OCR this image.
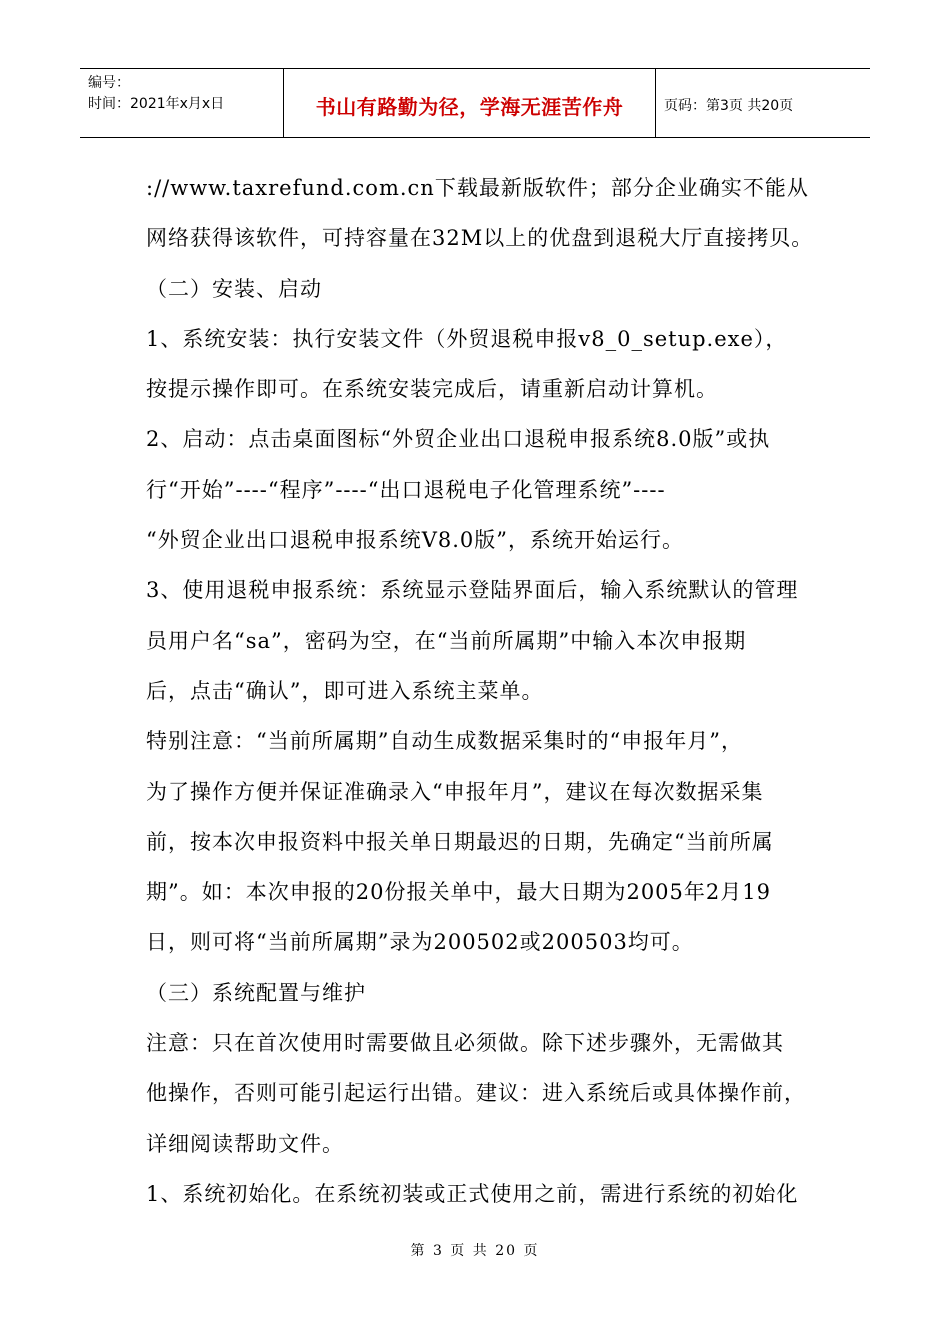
编号：
时间：2021年x月x日	书山有路勤为径，学海无涯苦作舟	页码：第3页 共20页
://www.taxrefund.com.cn下载最新版软件；部分企业确实不能从
网络获得该软件，可持容量在32M以上的优盘到退税大厅直接拷贝。
（二）安装、启动
1、系统安装：执行安装文件（外贸退税申报v8_0_setup.exe），
按提示操作即可。在系统安装完成后，请重新启动计算机。
2、启动：点击桌面图标“外贸企业出口退税申报系统8.0版”或执
行“开始”----“程序”----“出口退税电子化管理系统”----
“外贸企业出口退税申报系统V8.0版”，系统开始运行。
3、使用退税申报系统：系统显示登陆界面后，输入系统默认的管理
员用户名“sa”，密码为空，在“当前所属期”中输入本次申报期
后，点击“确认”，即可进入系统主菜单。
特别注意：“当前所属期”自动生成数据采集时的“申报年月”，
为了操作方便并保证准确录入“申报年月”，建议在每次数据采集
前，按本次申报资料中报关单日期最迟的日期，先确定“当前所属
期”。如：本次申报的20份报关单中，最大日期为2005年2月19
日，则可将“当前所属期”录为200502或200503均可。
（三）系统配置与维护
注意：只在首次使用时需要做且必须做。除下述步骤外，无需做其
他操作，否则可能引起运行出错。建议：进入系统后或具体操作前，
详细阅读帮助文件。
1、系统初始化。在系统初装或正式使用之前，需进行系统的初始化
第 3 页 共 20 页
